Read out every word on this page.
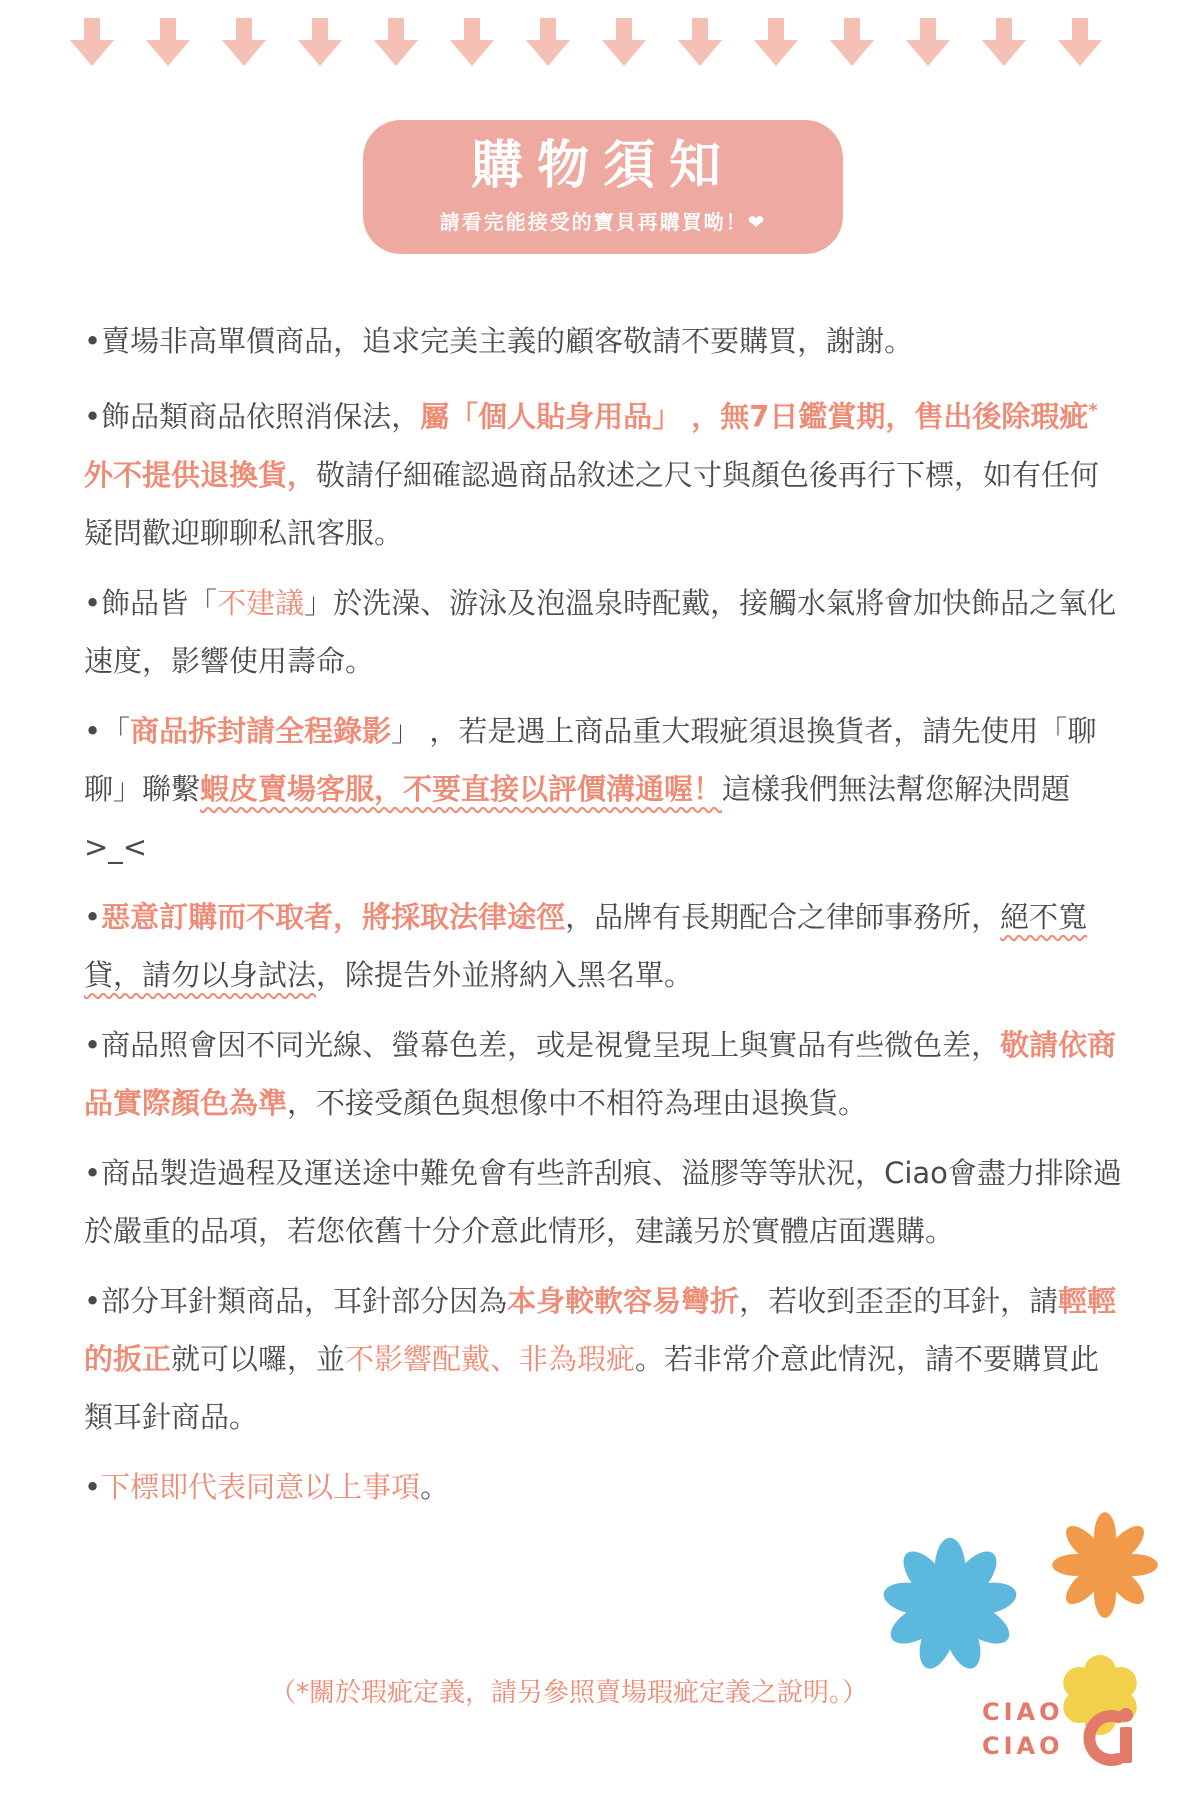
購物須知
請看完能接受的寶貝再購買呦！❤

•賣場非高單價商品，追求完美主義的顧客敬請不要購買，謝謝。

•飾品類商品依照消保法，屬「個人貼身用品」 ，無7日鑑賞期，售出後除瑕疵*外不提供退換貨，敬請仔細確認過商品敘述之尺寸與顏色後再行下標，如有任何疑問歡迎聊聊私訊客服。

•飾品皆「不建議」於洗澡、游泳及泡溫泉時配戴，接觸水氣將會加快飾品之氧化速度，影響使用壽命。

•「商品拆封請全程錄影」 ，若是遇上商品重大瑕疵須退換貨者，請先使用「聊聊」聯繫蝦皮賣場客服，不要直接以評價溝通喔！這樣我們無法幫您解決問題>_<

•惡意訂購而不取者，將採取法律途徑，品牌有長期配合之律師事務所，絕不寬貸，請勿以身試法，除提告外並將納入黑名單。

•商品照會因不同光線、螢幕色差，或是視覺呈現上與實品有些微色差，敬請依商品實際顏色為準，不接受顏色與想像中不相符為理由退換貨。

•商品製造過程及運送途中難免會有些許刮痕、溢膠等等狀況，Ciao會盡力排除過於嚴重的品項，若您依舊十分介意此情形，建議另於實體店面選購。

•部分耳針類商品，耳針部分因為本身較軟容易彎折，若收到歪歪的耳針，請輕輕的扳正就可以囉，並不影響配戴、非為瑕疵。若非常介意此情況，請不要購買此類耳針商品。

•下標即代表同意以上事項。

（*關於瑕疵定義，請另參照賣場瑕疵定義之說明。）
CIAO
CIAO
